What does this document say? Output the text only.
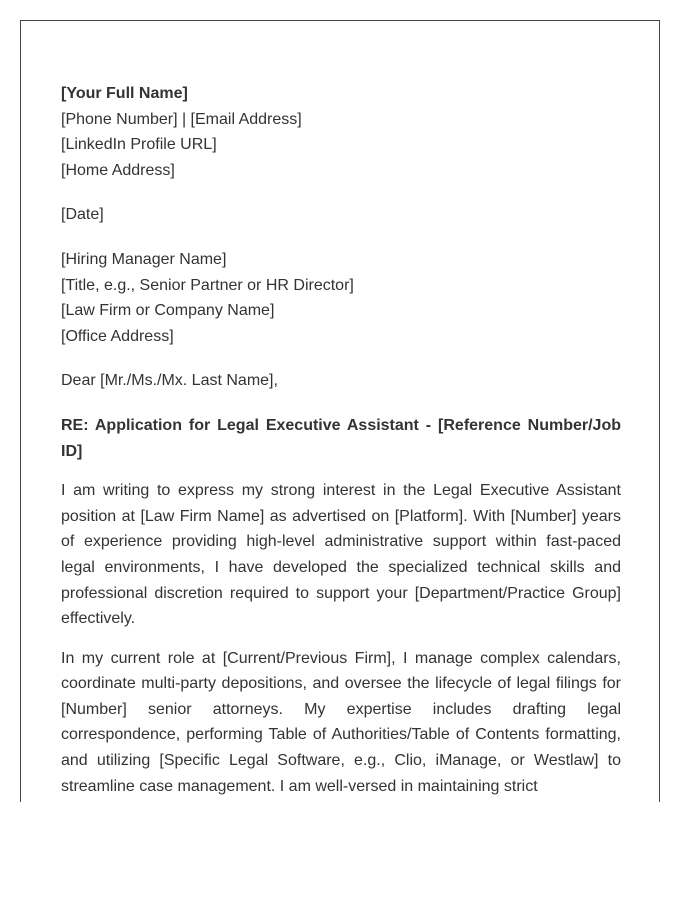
[Your Full Name]
[Phone Number] | [Email Address]
[LinkedIn Profile URL]
[Home Address]
[Date]
[Hiring Manager Name]
[Title, e.g., Senior Partner or HR Director]
[Law Firm or Company Name]
[Office Address]
Dear [Mr./Ms./Mx. Last Name],
RE: Application for Legal Executive Assistant - [Reference Number/Job ID]

I am writing to express my strong interest in the Legal Executive Assistant position at [Law Firm Name] as advertised on [Platform]. With [Number] years of experience providing high-level administrative support within fast-paced legal environments, I have developed the specialized technical skills and professional discretion required to support your [Department/Practice Group] effectively.

In my current role at [Current/Previous Firm], I manage complex calendars, coordinate multi-party depositions, and oversee the lifecycle of legal filings for [Number] senior attorneys. My expertise includes drafting legal correspondence, performing Table of Authorities/Table of Contents formatting, and utilizing [Specific Legal Software, e.g., Clio, iManage, or Westlaw] to streamline case management. I am well-versed in maintaining strict
